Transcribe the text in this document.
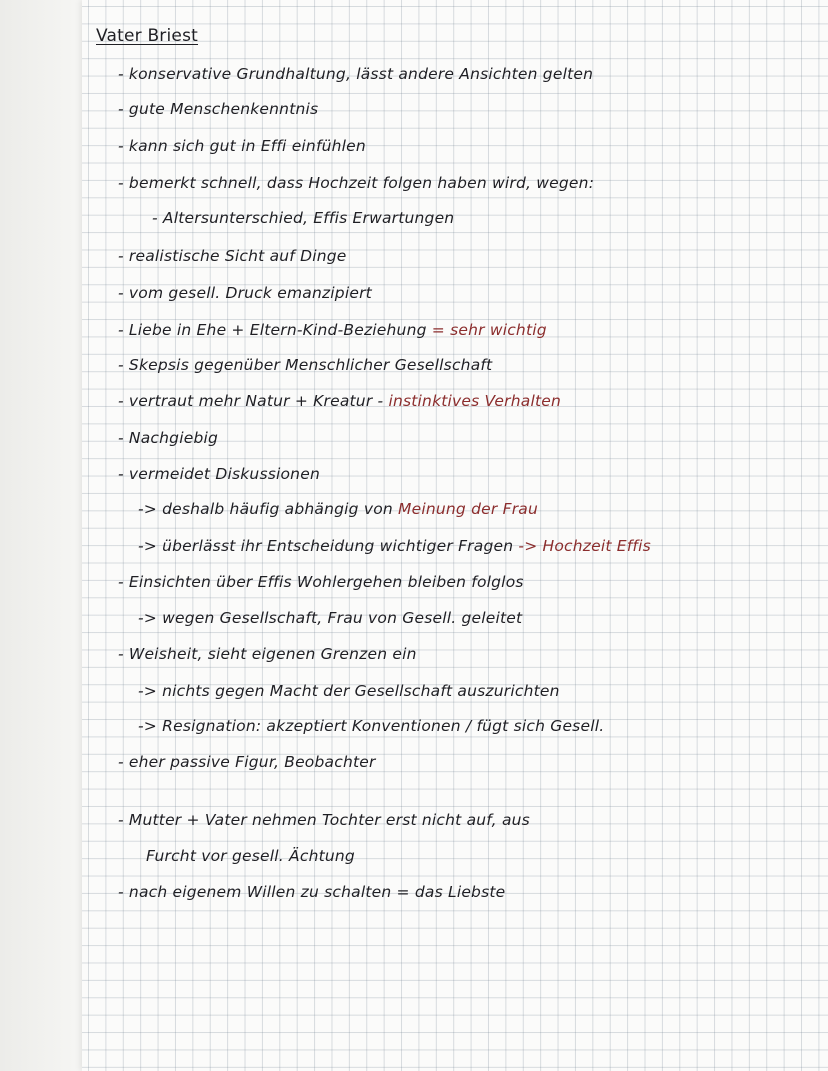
Vater Briest
- konservative Grundhaltung, lässt andere Ansichten gelten
- gute Menschenkenntnis
- kann sich gut in Effi einfühlen
- bemerkt schnell, dass Hochzeit folgen haben wird, wegen:
- Altersunterschied, Effis Erwartungen
- realistische Sicht auf Dinge
- vom gesell. Druck emanzipiert
- Liebe in Ehe + Eltern-Kind-Beziehung = sehr wichtig
- Skepsis gegenüber Menschlicher Gesellschaft
- vertraut mehr Natur + Kreatur - instinktives Verhalten
- Nachgiebig
- vermeidet Diskussionen
-> deshalb häufig abhängig von Meinung der Frau
-> überlässt ihr Entscheidung wichtiger Fragen -> Hochzeit Effis
- Einsichten über Effis Wohlergehen bleiben folglos
-> wegen Gesellschaft, Frau von Gesell. geleitet
- Weisheit, sieht eigenen Grenzen ein
-> nichts gegen Macht der Gesellschaft auszurichten
-> Resignation: akzeptiert Konventionen / fügt sich Gesell.
- eher passive Figur, Beobachter
- Mutter + Vater nehmen Tochter erst nicht auf, aus
Furcht vor gesell. Ächtung
- nach eigenem Willen zu schalten = das Liebste
